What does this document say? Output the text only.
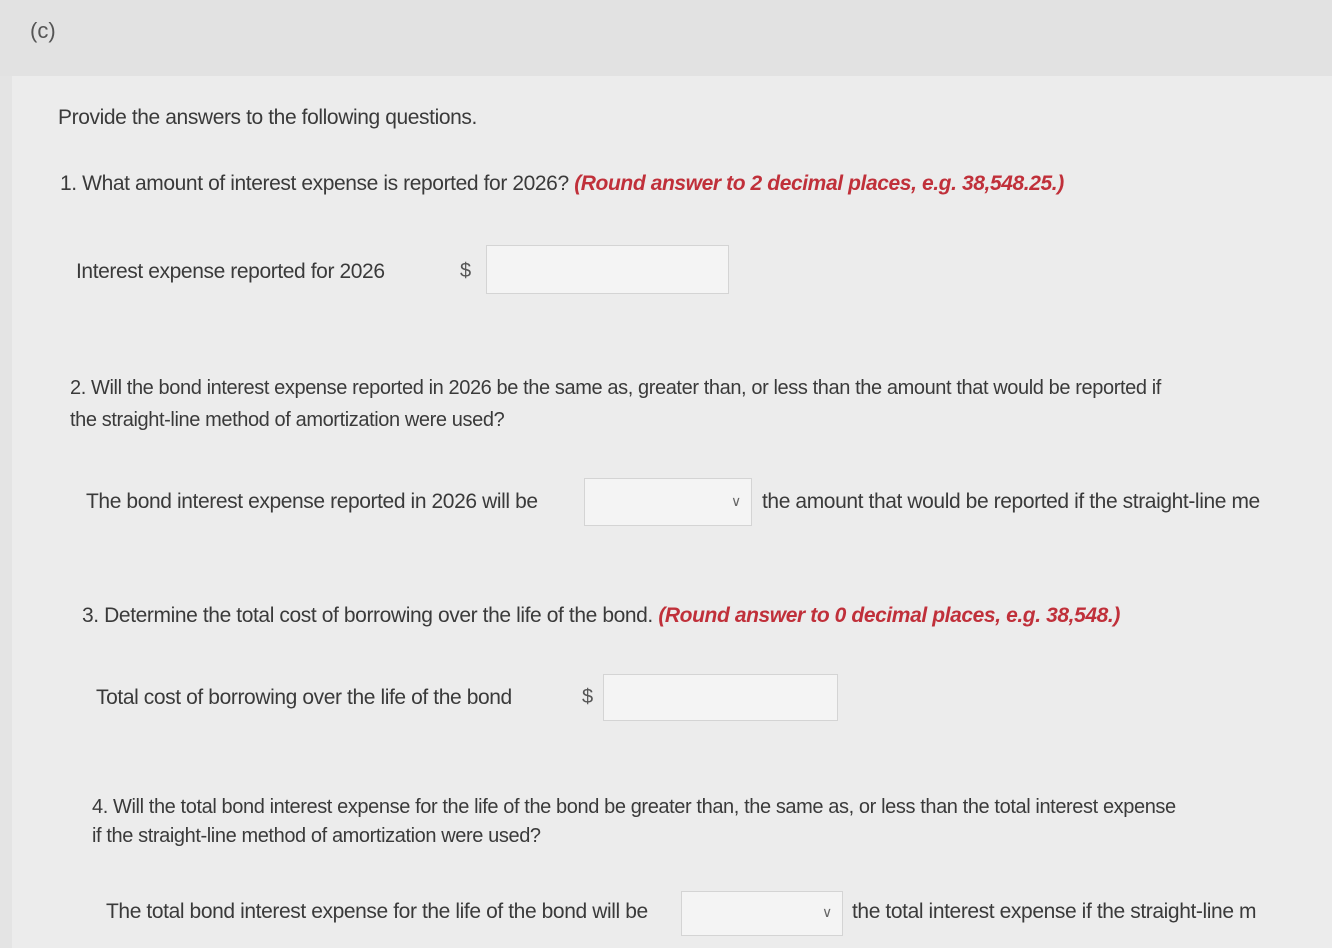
(c)
Provide the answers to the following questions.
1. What amount of interest expense is reported for 2026? (Round answer to 2 decimal places, e.g. 38,548.25.)
Interest expense reported for 2026	$
2. Will the bond interest expense reported in 2026 be the same as, greater than, or less than the amount that would be reported if
the straight-line method of amortization were used?
The bond interest expense reported in 2026 will be	∨ the amount that would be reported if the straight-line me
3. Determine the total cost of borrowing over the life of the bond. (Round answer to 0 decimal places, e.g. 38,548.)
Total cost of borrowing over the life of the bond	$
4. Will the total bond interest expense for the life of the bond be greater than, the same as, or less than the total interest expense
if the straight-line method of amortization were used?
The total bond interest expense for the life of the bond will be	∨ the total interest expense if the straight-line m
